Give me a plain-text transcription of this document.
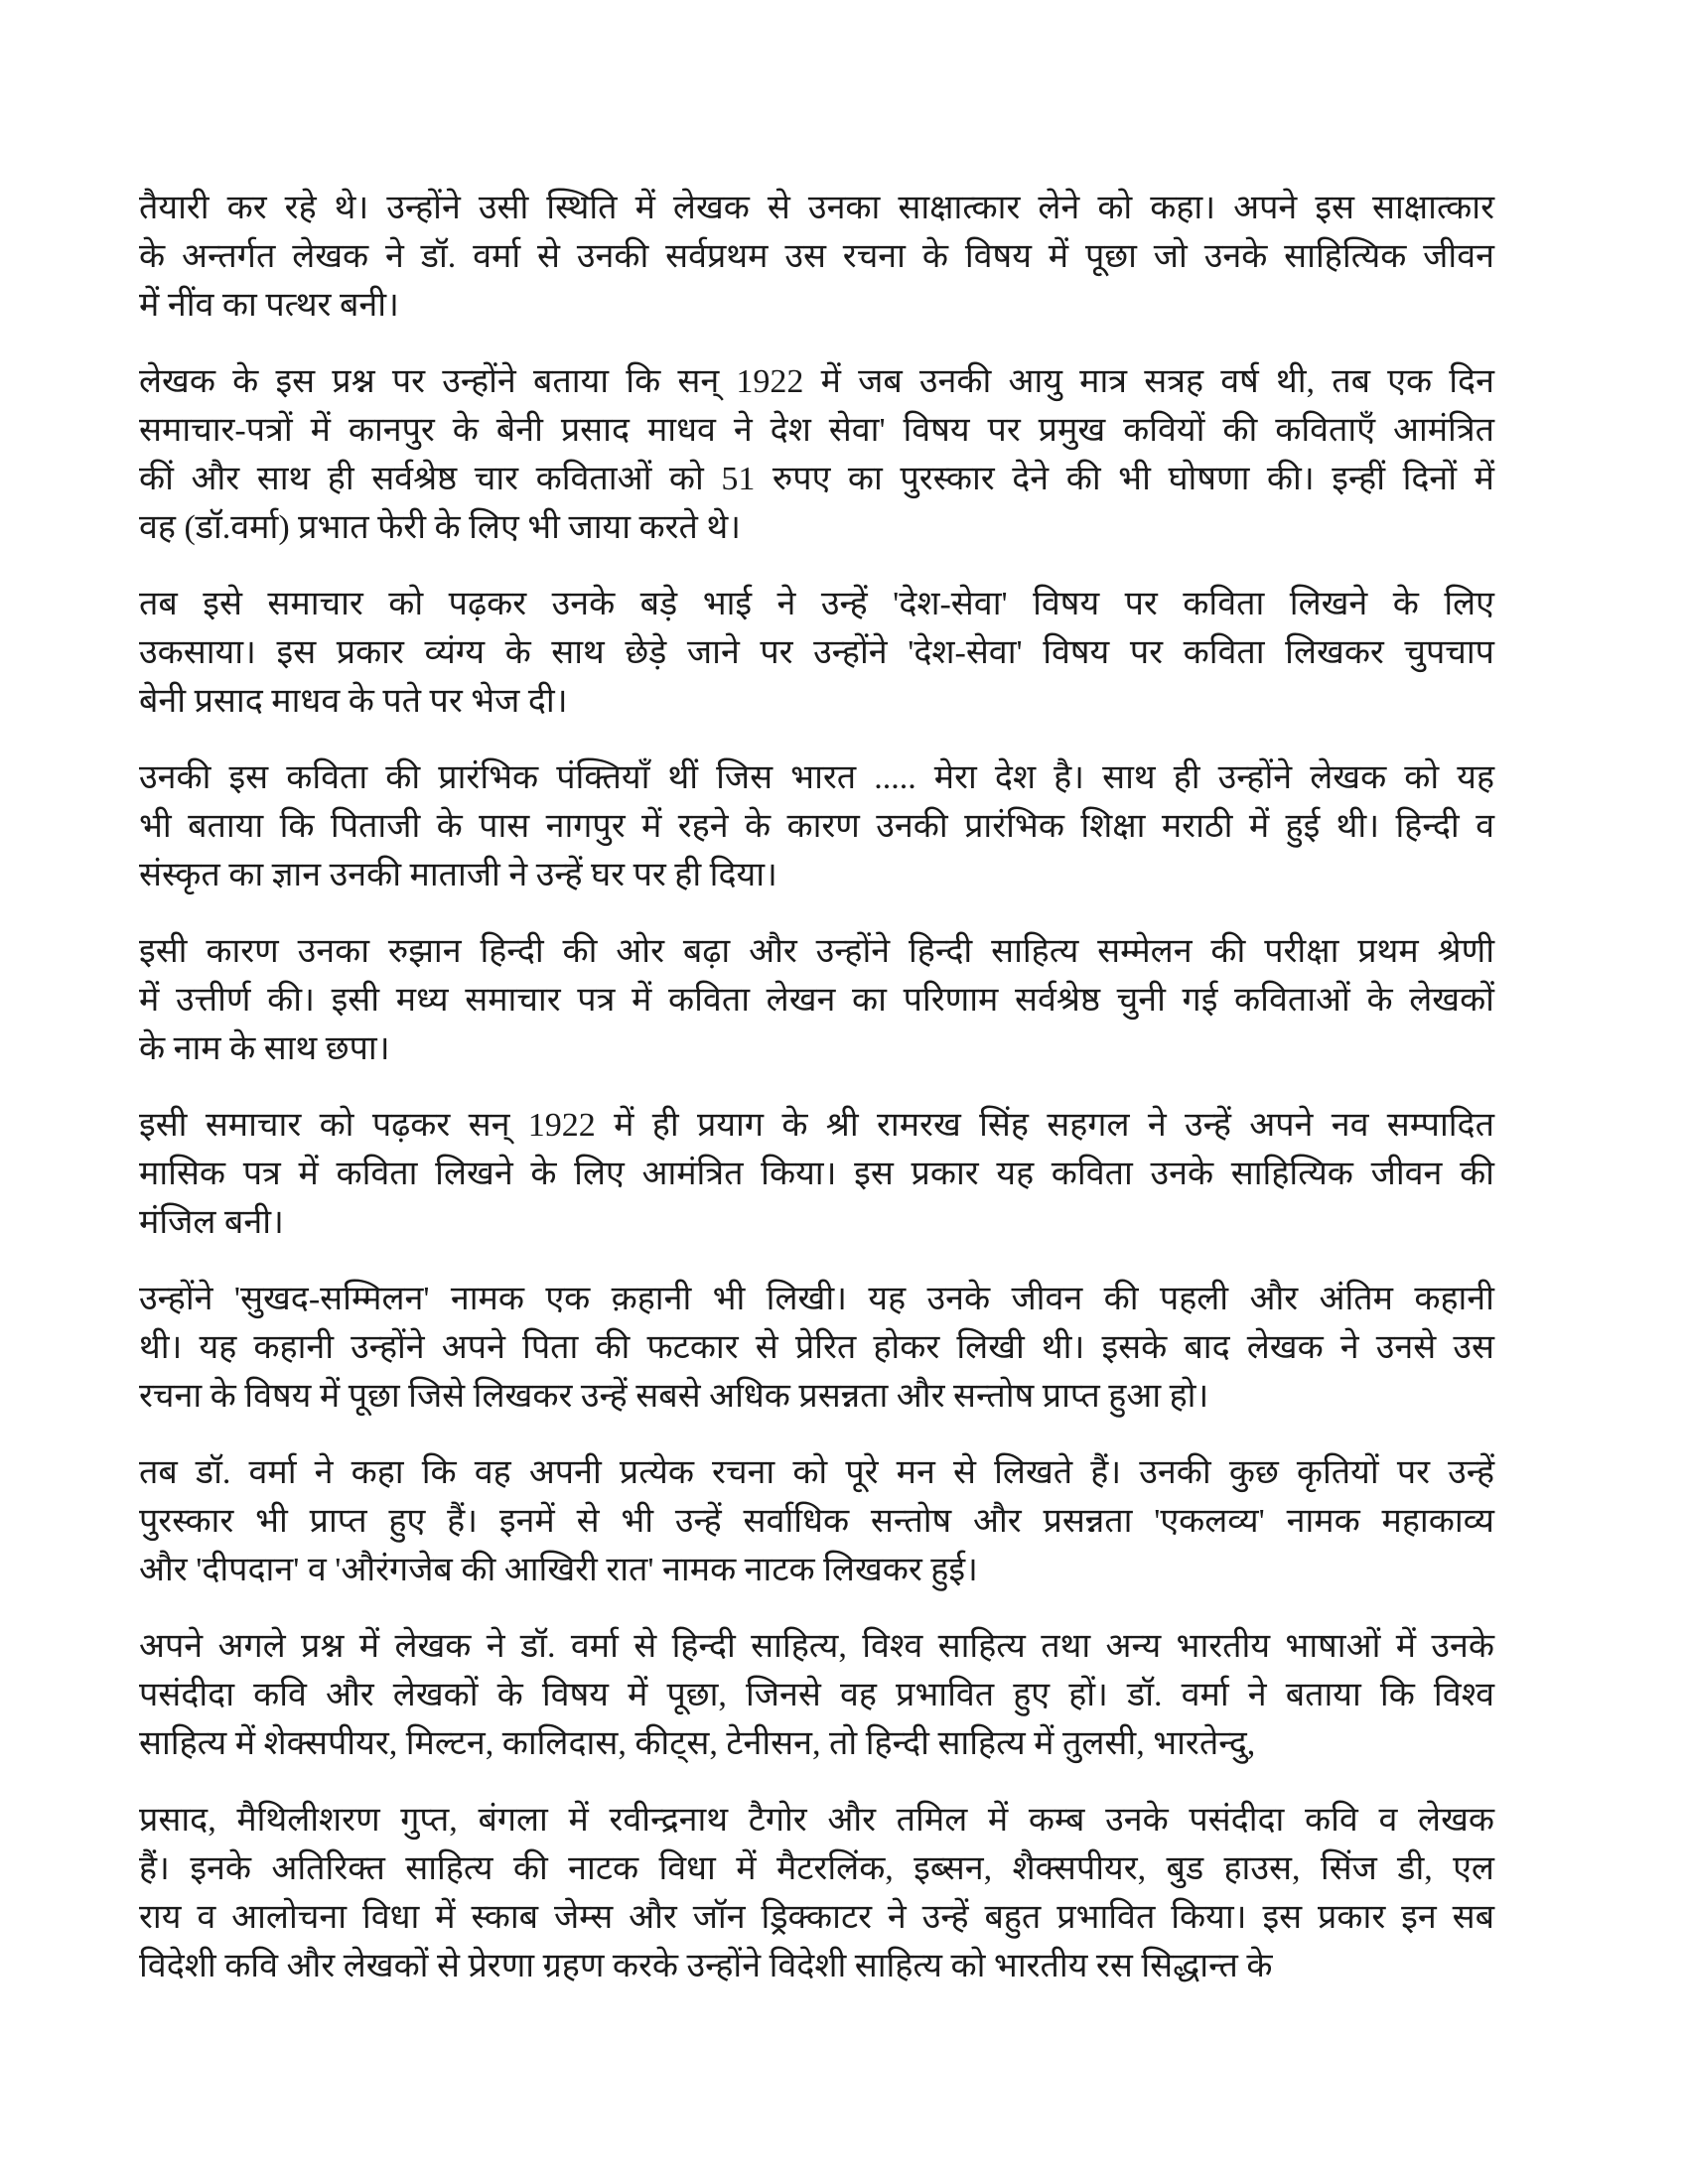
तैयारी कर रहे थे। उन्होंने उसी स्थिति में लेखक से उनका साक्षात्कार लेने को कहा। अपने इस साक्षात्कार
के अन्तर्गत लेखक ने डॉ. वर्मा से उनकी सर्वप्रथम उस रचना के विषय में पूछा जो उनके साहित्यिक जीवन
में नींव का पत्थर बनी।
लेखक के इस प्रश्न पर उन्होंने बताया कि सन् 1922 में जब उनकी आयु मात्र सत्रह वर्ष थी, तब एक दिन
समाचार-पत्रों में कानपुर के बेनी प्रसाद माधव ने देश सेवा' विषय पर प्रमुख कवियों की कविताएँ आमंत्रित
कीं और साथ ही सर्वश्रेष्ठ चार कविताओं को 51 रुपए का पुरस्कार देने की भी घोषणा की। इन्हीं दिनों में
वह (डॉ.वर्मा) प्रभात फेरी के लिए भी जाया करते थे।
तब इसे समाचार को पढ़कर उनके बड़े भाई ने उन्हें 'देश-सेवा' विषय पर कविता लिखने के लिए
उकसाया। इस प्रकार व्यंग्य के साथ छेड़े जाने पर उन्होंने 'देश-सेवा' विषय पर कविता लिखकर चुपचाप
बेनी प्रसाद माधव के पते पर भेज दी।
उनकी इस कविता की प्रारंभिक पंक्तियाँ थीं जिस भारत ..... मेरा देश है। साथ ही उन्होंने लेखक को यह
भी बताया कि पिताजी के पास नागपुर में रहने के कारण उनकी प्रारंभिक शिक्षा मराठी में हुई थी। हिन्दी व
संस्कृत का ज्ञान उनकी माताजी ने उन्हें घर पर ही दिया।
इसी कारण उनका रुझान हिन्दी की ओर बढ़ा और उन्होंने हिन्दी साहित्य सम्मेलन की परीक्षा प्रथम श्रेणी
में उत्तीर्ण की। इसी मध्य समाचार पत्र में कविता लेखन का परिणाम सर्वश्रेष्ठ चुनी गई कविताओं के लेखकों
के नाम के साथ छपा।
इसी समाचार को पढ़कर सन् 1922 में ही प्रयाग के श्री रामरख सिंह सहगल ने उन्हें अपने नव सम्पादित
मासिक पत्र में कविता लिखने के लिए आमंत्रित किया। इस प्रकार यह कविता उनके साहित्यिक जीवन की
मंजिल बनी।
उन्होंने 'सुखद-सम्मिलन' नामक एक क़हानी भी लिखी। यह उनके जीवन की पहली और अंतिम कहानी
थी। यह कहानी उन्होंने अपने पिता की फटकार से प्रेरित होकर लिखी थी। इसके बाद लेखक ने उनसे उस
रचना के विषय में पूछा जिसे लिखकर उन्हें सबसे अधिक प्रसन्नता और सन्तोष प्राप्त हुआ हो।
तब डॉ. वर्मा ने कहा कि वह अपनी प्रत्येक रचना को पूरे मन से लिखते हैं। उनकी कुछ कृतियों पर उन्हें
पुरस्कार भी प्राप्त हुए हैं। इनमें से भी उन्हें सर्वाधिक सन्तोष और प्रसन्नता 'एकलव्य' नामक महाकाव्य
और 'दीपदान' व 'औरंगजेब की आखिरी रात' नामक नाटक लिखकर हुई।
अपने अगले प्रश्न में लेखक ने डॉ. वर्मा से हिन्दी साहित्य, विश्व साहित्य तथा अन्य भारतीय भाषाओं में उनके
पसंदीदा कवि और लेखकों के विषय में पूछा, जिनसे वह प्रभावित हुए हों। डॉ. वर्मा ने बताया कि विश्व
साहित्य में शेक्सपीयर, मिल्टन, कालिदास, कीट्स, टेनीसन, तो हिन्दी साहित्य में तुलसी, भारतेन्दु,
प्रसाद, मैथिलीशरण गुप्त, बंगला में रवीन्द्रनाथ टैगोर और तमिल में कम्ब उनके पसंदीदा कवि व लेखक
हैं। इनके अतिरिक्त साहित्य की नाटक विधा में मैटरलिंक, इब्सन, शैक्सपीयर, बुड हाउस, सिंज डी, एल
राय व आलोचना विधा में स्काब जेम्स और जॉन ड्रिक्काटर ने उन्हें बहुत प्रभावित किया। इस प्रकार इन सब
विदेशी कवि और लेखकों से प्रेरणा ग्रहण करके उन्होंने विदेशी साहित्य को भारतीय रस सिद्धान्त के
